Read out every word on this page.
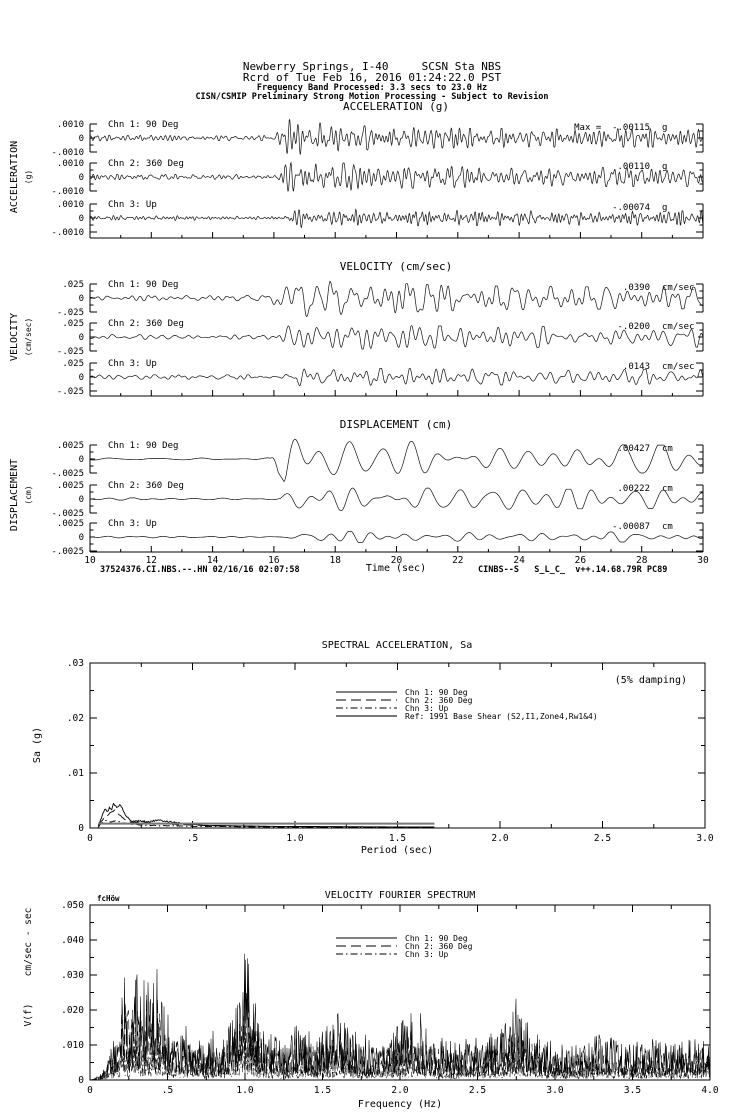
Newberry Springs, I-40     SCSN Sta NBS
Rcrd of Tue Feb 16, 2016 01:24:22.0 PST
Frequency Band Processed: 3.3 secs to 23.0 Hz
CISN/CSMIP Preliminary Strong Motion Processing - Subject to Revision
ACCELERATION (g)
VELOCITY (cm/sec)
DISPLACEMENT (cm)
ACCELERATION (g)
VELOCITY (cm/sec)
DISPLACEMENT (cm)
Time (sec)
37524376.CI.NBS.--.HN 02/16/16 02:07:58	CINBS--S   S_L_C_  v++.14.68.79R PC89
SPECTRAL ACCELERATION, Sa
(5% damping)
Sa (g)
Period (sec)
VELOCITY FOURIER SPECTRUM
fcHöw
cm/sec - sec
V(f)
Frequency (Hz)
.0010
0
-.0010
Chn 1: 90 Deg	Max =  -.00115 g
.0010
0
-.0010
Chn 2: 360 Deg	.00110 g
.0010
0
-.0010
Chn 3: Up	-.00074 g
.025
0
-.025
Chn 1: 90 Deg	.0390 cm/sec
.025
0
-.025
Chn 2: 360 Deg	-.0200 cm/sec
.025
0
-.025
Chn 3: Up	.0143 cm/sec
.0025
0
-.0025
Chn 1: 90 Deg	.00427 cm
.0025
0
-.0025
Chn 2: 360 Deg	.00222 cm
.0025
0
-.0025
Chn 3: Up	-.00087 cm
10	12	14	16	18	20	22	24	26	28	30
.03
.02
.01
0
0	.5	1.0	1.5	2.0	2.5	3.0
Chn 1: 90 Deg
Chn 2: 360 Deg
Chn 3: Up
Ref: 1991 Base Shear (S2,I1,Zone4,Rw1&4)
.050
.040
.030
.020
.010
0
0	.5	1.0	1.5	2.0	2.5	3.0	3.5	4.0
Chn 1: 90 Deg
Chn 2: 360 Deg
Chn 3: Up
